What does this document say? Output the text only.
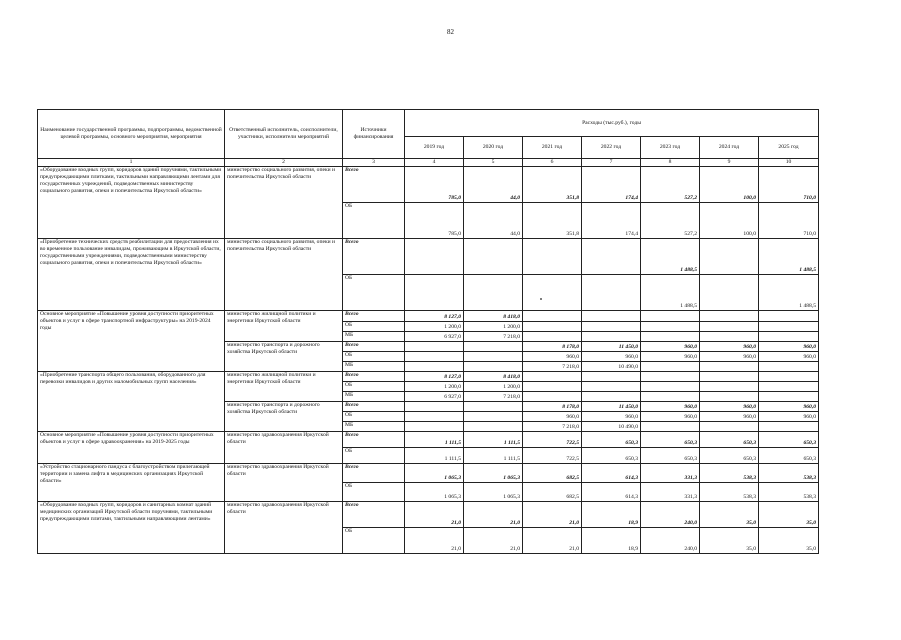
82
Наименование государственной программы, подпрограммы, ведомственной целевой программы, основного мероприятия, мероприятия	Ответственный исполнитель, соисполнители, участники, исполнители мероприятий	Источники финансирования	Расходы (тыс.руб.), годы						
			2019 год	2020 год	2021 год	2022 год	2023 год	2024 год	2025 год
1	2	3	4	5	6	7	8	9	10
«Оборудование входных групп, коридоров зданий поручнями, тактильными предупреждающими плитками, тактильными направляющими лентами для государственных учреждений, подведомственных министерству социального развития, опеки и попечительства Иркутской области»	министерство социального развития, опеки и попечительства Иркутской области	Всего	785,0	44,0	351,8	174,4	527,2	100,0	710,0
		ОБ	785,0	44,0	351,8	174,4	527,2	100,0	710,0
«Приобретение технических средств реабилитации для предоставления их во временное пользование инвалидам, проживающим в Иркутской области, государственными учреждениями, подведомственными министерству социального развития, опеки и попечительства Иркутской области»	министерство социального развития, опеки и попечительства Иркутской области	Всего					1 488,5		1 488,5
		ОБ					1 488,5		1 488,5
Основное мероприятие «Повышение уровня доступности приоритетных объектов и услуг в сфере транспортной инфраструктуры» на 2019-2024 годы	министерство жилищной политики и энергетики Иркутской области	Всего	8 127,0	8 418,0					
		ОБ	1 200,0	1 200,0					
		МБ	6 927,0	7 218,0					
	министерство транспорта и дорожного хозяйства Иркутской области	Всего			8 178,0	11 450,0	960,0	960,0	960,0
		ОБ			960,0	960,0	960,0	960,0	960,0
		МБ			7 218,0	10 490,0			
«Приобретение транспорта общего пользования, оборудованного для перевозки инвалидов и других маломобильных групп населения»	министерство жилищной политики и энергетики Иркутской области	Всего	8 127,0	8 418,0					
		ОБ	1 200,0	1 200,0					
		МБ	6 927,0	7 218,0					
	министерство транспорта и дорожного хозяйства Иркутской области	Всего			8 178,0	11 450,0	960,0	960,0	960,0
		ОБ			960,0	960,0	960,0	960,0	960,0
		МБ			7 218,0	10 490,0			
Основное мероприятие «Повышение уровня доступности приоритетных объектов и услуг в сфере здравоохранения» на 2019-2025 годы	министерство здравоохранения Иркутской области	Всего	1 111,5	1 111,5	722,5	650,3	650,3	650,3	650,3
		ОБ	1 111,5	1 111,5	722,5	650,3	650,3	650,3	650,3
«Устройство стационарного пандуса с благоустройством прилегающей территории и замена лифта в медицинских организациях Иркутской области»	министерство здравоохранения Иркутской области	Всего	1 065,3	1 065,3	682,5	614,3	331,3	538,3	538,3
		ОБ	1 065,3	1 065,3	682,5	614,3	331,3	538,3	538,3
«Оборудование входных групп, коридоров и санитарных комнат зданий медицинских организаций Иркутской области поручнями, тактильными предупреждающими плитами, тактильными направляющими лентами»	министерство здравоохранения Иркутской области	Всего	21,0	21,0	21,0	18,9	240,0	35,0	35,0
		ОБ	21,0	21,0	21,0	18,9	240,0	35,0	35,0
